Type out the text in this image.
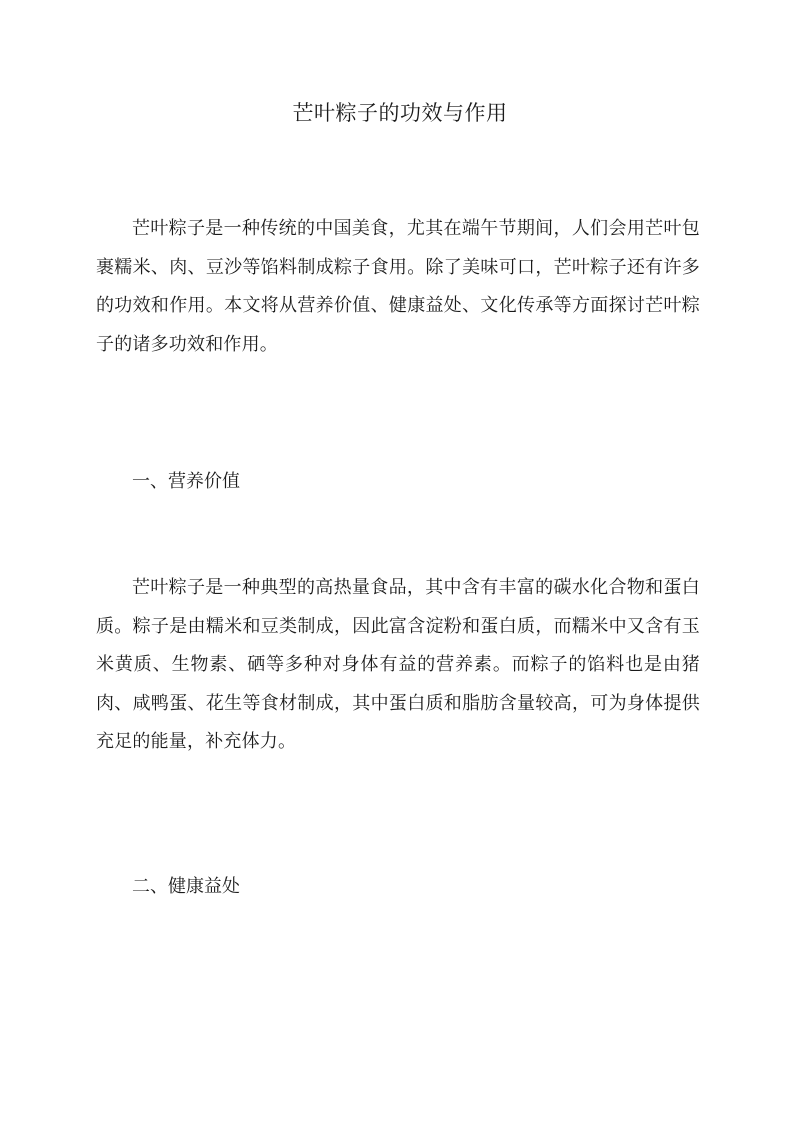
芒叶粽子的功效与作用

芒叶粽子是一种传统的中国美食，尤其在端午节期间，人们会用芒叶包裹糯米、肉、豆沙等馅料制成粽子食用。除了美味可口，芒叶粽子还有许多的功效和作用。本文将从营养价值、健康益处、文化传承等方面探讨芒叶粽子的诸多功效和作用。

一、营养价值

芒叶粽子是一种典型的高热量食品，其中含有丰富的碳水化合物和蛋白质。粽子是由糯米和豆类制成，因此富含淀粉和蛋白质，而糯米中又含有玉米黄质、生物素、硒等多种对身体有益的营养素。而粽子的馅料也是由猪肉、咸鸭蛋、花生等食材制成，其中蛋白质和脂肪含量较高，可为身体提供充足的能量，补充体力。

二、健康益处
